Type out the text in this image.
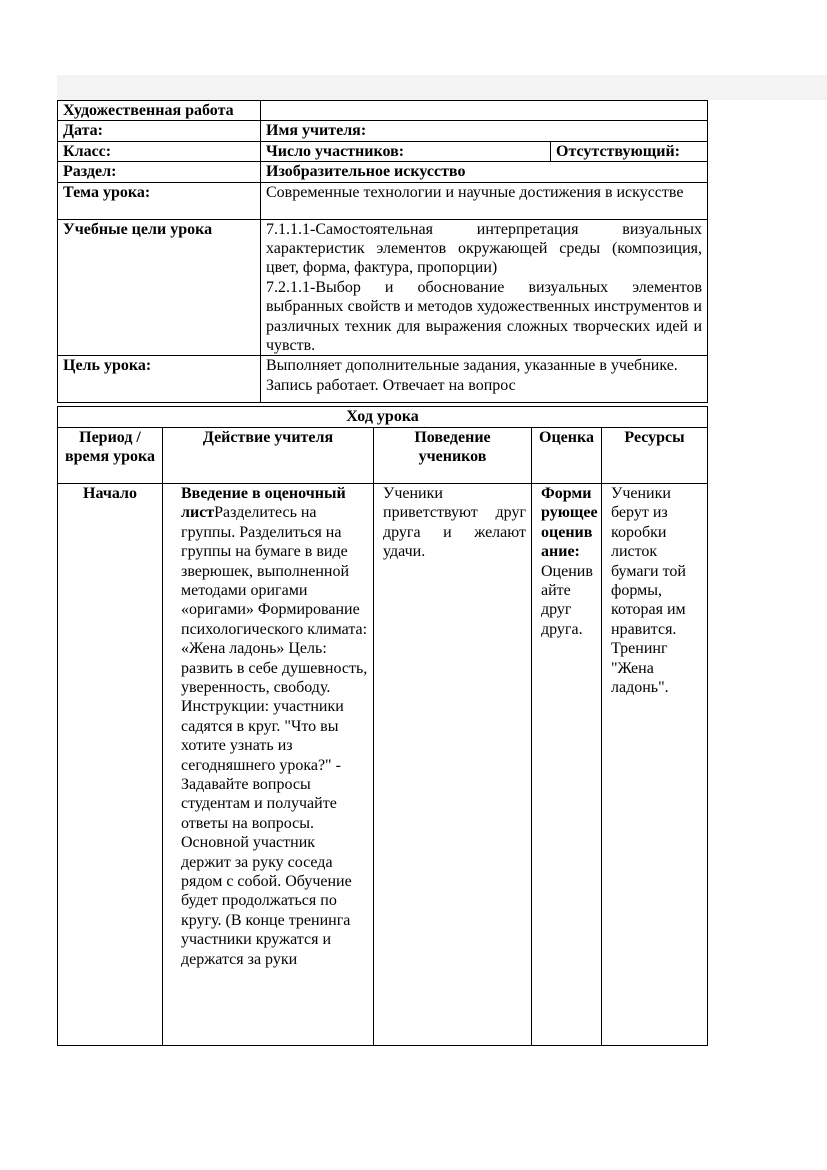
Художественная работа		
Дата:	Имя учителя:	
Класс:	Число участников:	Отсутствующий:
Раздел:	Изобразительное искусство	
Тема урока:	Современные технологии и научные достижения в искусстве	
Учебные цели урока	7.1.1.1-Самостоятельная интерпретация визуальных характеристик элементов окружающей среды (композиция, цвет, форма, фактура, пропорции)
7.2.1.1-Выбор и обоснование визуальных элементов выбранных свойств и методов художественных инструментов и различных техник для выражения сложных творческих идей и чувств.	

Цель урока:	Выполняет дополнительные задания, указанные в учебнике. Запись работает. Отвечает на вопрос	
Ход урока				
Период / время урока	Действие учителя	Поведение учеников	Оценка	Ресурсы
Начало	Введение в оценочный листРазделитесь на группы. Разделиться на группы на бумаге в виде зверюшек, выполненной методами оригами «оригами» Формирование психологического климата: «Жена ладонь» Цель: развить в себе душевность, уверенность, свободу. Инструкции: участники садятся в круг. "Что вы хотите узнать из сегодняшнего урока?" - Задавайте вопросы студентам и получайте ответы на вопросы. Основной участник держит за руку соседа рядом с собой. Обучение будет продолжаться по кругу. (В конце тренинга участники кружатся и держатся за руки	Ученики приветствуют друг друга и желают удачи.	Формирующее оценивание: Оценивайте друг друга.	Ученики берут из коробки листок бумаги той формы, которая им нравится. Тренинг "Жена ладонь".
